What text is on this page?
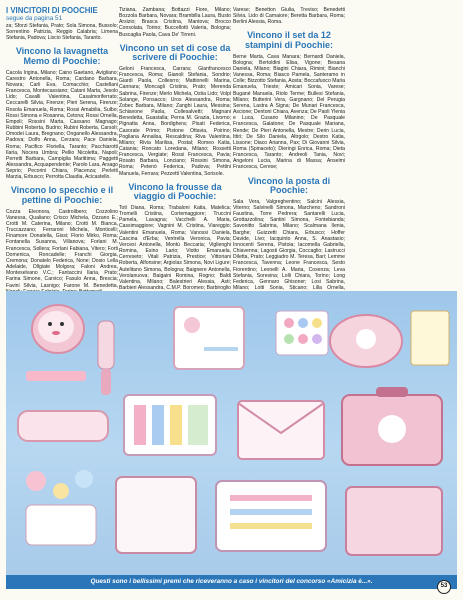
I VINCITORI DI POOCHIE
segue da pagina 51

za; Sforzi Stefania, Prato; Sola Simona, Bussolo; Sorrentino Patrizia, Reggio Calabria; Limena Stefania, Padova; Liscio Stefania, Taranto.

Vincono la lavagnetta Memo di Poochie:

Cacola Irigina, Milano; Caino Gaetano, Avigliano; Carestro Antonella, Roma; Cardano Barbara, Novara; Carli Eva, Comacchio; Castellani Francesca, Montecassiano; Catani Marta, Jesolo Lido; Cavalli Valentina, Casalmoriferrato; Ceccarelli Silvia, Firenze; Pieri Serena, Firenze; Rosola Emanuela, Roma; Rossi Amabilia, Sulbo; Rossi Simona e Rosanna, Cetona; Rossi Ornella, Empoli; Rossini Marta, Cassano Magnago; Rubbini Roberta, Budrio; Rubini Roberta, Carsoli; Omodei Laura, Bregnano; Onganello Alessandra, Padova; Dolfo Anna, Cerzara; Pace Daniela, Roma; Pacifico Floriella, Taranto; Pacchiarotti Ilaria, Nocera Umbra; Pellio Nicoletta, Napoli; Perretti Barbara, Campiglia Marittima; Paggetti Alessandra, Acquapendente; Parolo Lara, Arsago Seprio; Pecorini Chiara, Piacenza; Perletti Marzia, Erbusco; Perrotta Claudia, Acicastello.

Vincono lo specchio e il pettine di Poochie:

Cozza Eleonora, Castrolibero; Cozzolino Vanessa, Qualiano; Crisco Michela, Ozzano E.; Crotti M. Caterina, Milano; Crotti M. Bianca, Truccazzano; Ferraroni Michela, Monticelli; Finamore Donatella, Gissi; Florio Mirko, Roma; Fontanella Susanna, Villanova; Forlani M. Francesca, Sollera; Forlani Fabiana, Vitero; Forti Domenica, Roncadelle; Franchi Giorgia, Cremona; Donatelo Federica, None; Dosio Lella Adelaide, Ollgiate Molgora; Faloni Andrea, Monteselvano V.C.; Fantaccini Ilaria, Prato; Farina Simone, Carvico; Fasulo Anna, Brescia; Favini Silvia, Lasnigo; Farone M. Benedetta,

Tiziana, Zambana; Bottazzi Fiore, Milano; Bozzola Barbara, Novara; Brambilla Laura, Busto Arsizio; Brasca Cristina, Mantova; Brocco Consolata, Torino; Buccellotti Valeria, Bologna; Buscaglia Paola, Cava De' Tirreni.

Vincono un set di cose da scrivere di Poochie:

Geloni Francesca, Carrara; Gianfrancesco Francesca, Roma; Gianoli Stefania, Sondrio; Giardi Paola, Collesrro; Mattionelli Marina, Cannara; Moncagli Cristina, Prato; Merenda Sabrina, Firenze; Merlo Michela, Ostia Lido; Volpi Solange, Ponsacco; Uros Alessandra, Roma; Zobec Barbara, Milano; Zanghi Laura, Messina; Schiavone Paola, Collesalvetti; Magnani Benedetta, Guastalla; Perna M. Grazia, Livorno; Pignatta Anna, Bordighera; Pisati Federica, Casorate Primo; Pistone Ottavia, Poirino; Pogliana Annalisa, Rescaldina; Riva Valentina, Milano; Rivia Marilisa, Postal; Romeo Katia, Catania; Roncato Loredana, Milano; Rossetti Francesca, Vergiate; Rossi Francesca, Pavia; Rosato Barbara, Lonciano; Rossini Simona, Roma; Petenò Federica, Padova; Pettini Manuela, Ferrara; Pezzetti Valentina, Sorisole.

Vincono la frousse da viaggio di Poochie:

Toti Diana, Roma; Trabaloni Katia, Matelica; Tromelli Cristina, Cortemaggiore; Truccini Pamela, Lavagna; Vacchelli A. Maria, Cassimaggiore; Vagnini M. Cristina, Viareggio; Valentini Emanuela, Roma; Vanossi Daniela, Cascina d'Erba; Ventrella Veronica, Pavia; Vercesi Antonella, Montù Beccaria; Viglienghi Romina, Esino Lario; Viotto Emanuela, Cerreseto; Vitali Patrizia, Prestice; Vittoriani Roberta, Alfonsine; Argiolas Simona, Novi Ligure; Autelitano Simona, Bologna; Baignere Antonella, Verolanuova; Baigaini Romina, Rogno; Baldi Valentina, Milano; Balestrieri Alessia, Asti; Barbieri Alessandra, C.M.P. Boromeo; Barbiroglio

Varese; Benetton Giulia, Treviso; Benedetti Silvia, Lido di Camaiore; Beretta Barbara, Roma; Berlini Alessia, Roma.

Vincono il set da 12 stampini di Poochie:

Berne Marta, Cava Manara; Bernardi Daniela, Bologna; Bertoldini Elisa, Vigone; Besana Daniela, Milano; Biagini Chiara, Rimini; Bianchi Vanessa, Roma; Biasco Pamela, Santeramo in Colle; Bizzotto Stefania, Aosta; Boccafuoco Maria Emanuela, Trieste; Amicari Sonia, Varese; Bugané Manuela, Riolo Terme; Bullesi Stefania, Milano; Butterini Vera, Gargnano; Del Perugia Serena, Lastra A Signa; De Munari Francesca, Ascione; Dentoni Chiara, Avenza; De Paoli Ylenia e Luca, Cusano Milanino; De Pasquale Francesca, Galatone; De Pasquale Mariana, Rende; De Pieri Antonella, Mestre; Derin Lucia, Ittiri; De Silo Daniela, Altrgolo; Destro Katia, Lissone; Diaco Arianna, Pax; Di Giovanni Silvia, Roma (Spinaceto); Dieringi Enrica, Roma; Dieta Francesca, Taranto; Andreoli Tania, Novi; Angeloni Lucia, Marina di Massa; Anselmi Francesca, Cerese;

Vincono la posta di Poochie:

Sala Vera, Valgreghentino; Salcini Alessia, Viterno; Salvinelli Simona, Marcheno; Sandroni Faustina, Torre Pedrera; Santarelli Lucia, Grottazzolina; Santini Simona, Fontebianda; Savonitto Sabrina, Milano; Scalmana Ilenia, Barghe; Guizzetti Chiara, Erbusco; Hoffer Davide, Livo; Iacquinto Anna, S. Anastasio; Innocenti Serena, Pistoia; Iacomella Gabriella, Chiavenna; Lagosti Giorgia, Coccaglio; Lastrucci Diletta, Prato; Leggiadro M. Teresa, Bari; Lemme Francesca, Tavenna; Leone Francesca, Sesto Fiorentino; Leonelli A. Maria, Cosenza; Leva Stefania, Soresina; Lolli Chiara, Torino; Long Federica, Gennaro Ghisoner; Losi Sabrina, Milano; Lotti Sonia, Sticano; Lilla Ornella,

Questi sono i bellissimi premi che riceveranno a caso i vincitori del concorso «Amicizia è...».
53
